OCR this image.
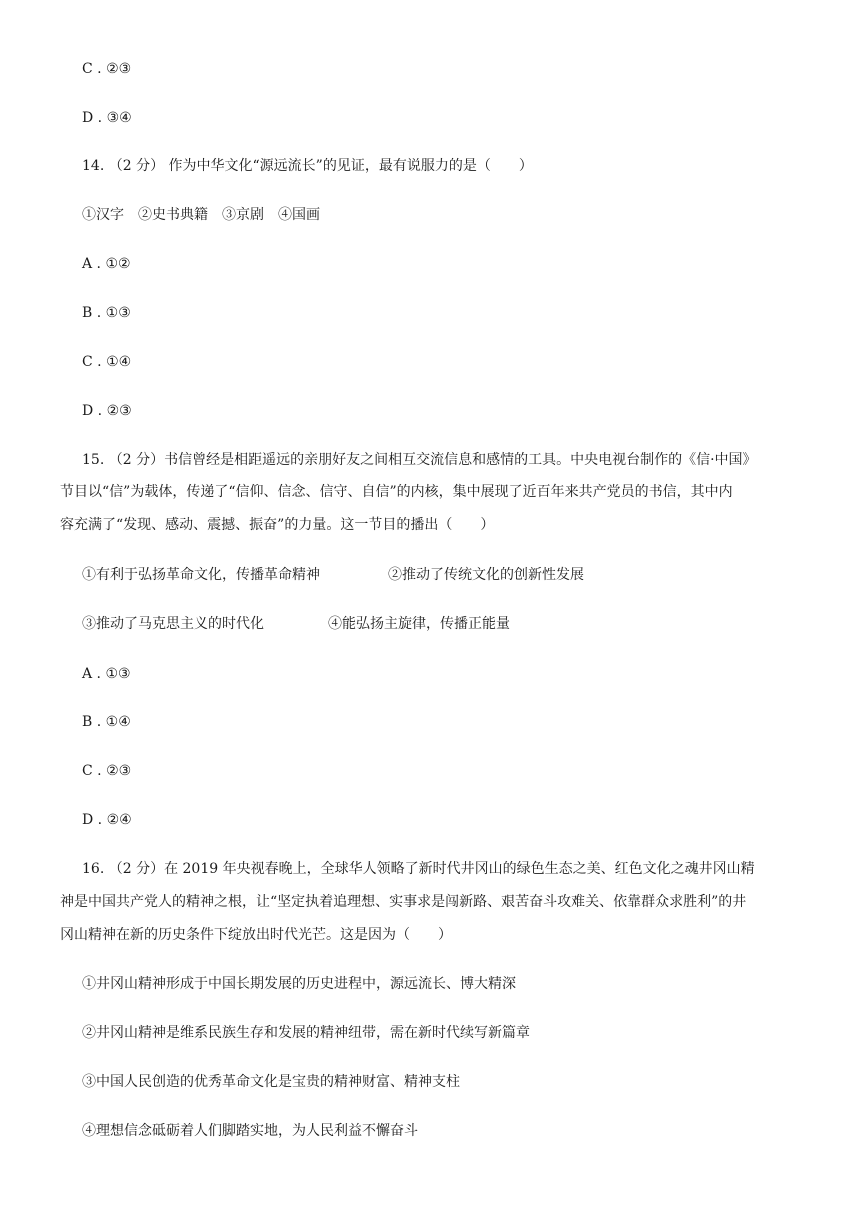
C . ②③
D . ③④
14. （2 分） 作为中华文化“源远流长”的见证，最有说服力的是（　　）
①汉字　②史书典籍　③京剧　④国画
A . ①②
B . ①③
C . ①④
D . ②③
15. （2 分）书信曾经是相距遥远的亲朋好友之间相互交流信息和感情的工具。中央电视台制作的《信·中国》
节目以“信”为载体，传递了“信仰、信念、信守、自信”的内核，集中展现了近百年来共产党员的书信，其中内
容充满了“发现、感动、震撼、振奋”的力量。这一节目的播出（　　）
①有利于弘扬革命文化，传播革命精神	②推动了传统文化的创新性发展
③推动了马克思主义的时代化	④能弘扬主旋律，传播正能量
A . ①③
B . ①④
C . ②③
D . ②④
16. （2 分）在 2019 年央视春晚上，全球华人领略了新时代井冈山的绿色生态之美、红色文化之魂井冈山精
神是中国共产党人的精神之根，让“坚定执着追理想、实事求是闯新路、艰苦奋斗攻难关、依靠群众求胜利”的井
冈山精神在新的历史条件下绽放出时代光芒。这是因为（　　）
①井冈山精神形成于中国长期发展的历史进程中，源远流长、博大精深
②井冈山精神是维系民族生存和发展的精神纽带，需在新时代续写新篇章
③中国人民创造的优秀革命文化是宝贵的精神财富、精神支柱
④理想信念砥砺着人们脚踏实地，为人民利益不懈奋斗
